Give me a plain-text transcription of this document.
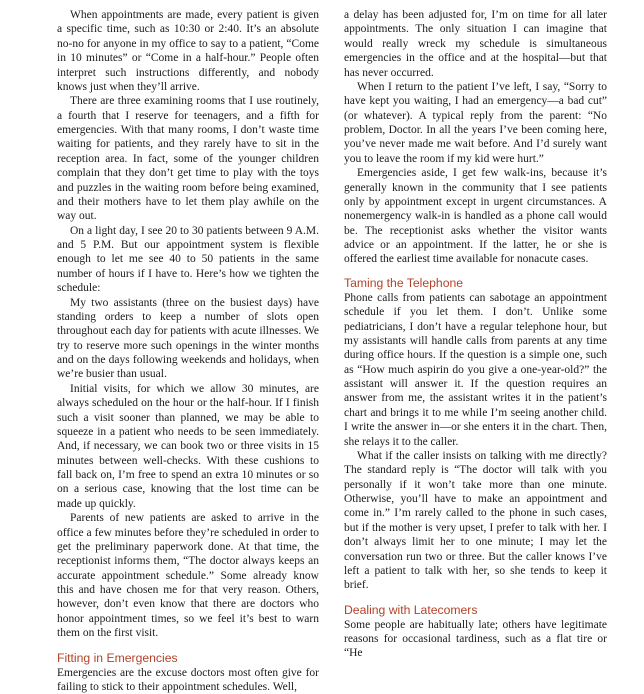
When appointments are made, every patient is given a specific time, such as 10:30 or 2:40. It’s an absolute no-no for anyone in my office to say to a patient, “Come in 10 minutes” or “Come in a half-hour.” People often interpret such instructions differently, and nobody knows just when they’ll arrive.

There are three examining rooms that I use routinely, a fourth that I reserve for teenagers, and a fifth for emergencies. With that many rooms, I don’t waste time waiting for patients, and they rarely have to sit in the reception area. In fact, some of the younger children complain that they don’t get time to play with the toys and puzzles in the waiting room before being examined, and their mothers have to let them play awhile on the way out.

On a light day, I see 20 to 30 patients between 9 A.M. and 5 P.M. But our appointment system is flexible enough to let me see 40 to 50 patients in the same number of hours if I have to. Here’s how we tighten the schedule:

My two assistants (three on the busiest days) have standing orders to keep a number of slots open throughout each day for patients with acute illnesses. We try to reserve more such openings in the winter months and on the days following weekends and holidays, when we’re busier than usual.

Initial visits, for which we allow 30 minutes, are always scheduled on the hour or the half-hour. If I finish such a visit sooner than planned, we may be able to squeeze in a patient who needs to be seen immediately. And, if necessary, we can book two or three visits in 15 minutes between well-checks. With these cushions to fall back on, I’m free to spend an extra 10 minutes or so on a serious case, knowing that the lost time can be made up quickly.

Parents of new patients are asked to arrive in the office a few minutes before they’re scheduled in order to get the preliminary paperwork done. At that time, the receptionist informs them, “The doctor always keeps an accurate appointment schedule.” Some already know this and have chosen me for that very reason. Others, however, don’t even know that there are doctors who honor appointment times, so we feel it’s best to warn them on the first visit.

Fitting in Emergencies

Emergencies are the excuse doctors most often give for failing to stick to their appointment schedules. Well,

a delay has been adjusted for, I’m on time for all later appointments. The only situation I can imagine that would really wreck my schedule is simultaneous emergencies in the office and at the hospital—but that has never occurred.

When I return to the patient I’ve left, I say, “Sorry to have kept you waiting, I had an emergency—a bad cut” (or whatever). A typical reply from the parent: “No problem, Doctor. In all the years I’ve been coming here, you’ve never made me wait before. And I’d surely want you to leave the room if my kid were hurt.”

Emergencies aside, I get few walk-ins, because it’s generally known in the community that I see patients only by appointment except in urgent circumstances. A nonemergency walk-in is handled as a phone call would be. The receptionist asks whether the visitor wants advice or an appointment. If the latter, he or she is offered the earliest time available for nonacute cases.

Taming the Telephone

Phone calls from patients can sabotage an appointment schedule if you let them. I don’t. Unlike some pediatricians, I don’t have a regular telephone hour, but my assistants will handle calls from parents at any time during office hours. If the question is a simple one, such as “How much aspirin do you give a one-year-old?” the assistant will answer it. If the question requires an answer from me, the assistant writes it in the patient’s chart and brings it to me while I’m seeing another child. I write the answer in—or she enters it in the chart. Then, she relays it to the caller.

What if the caller insists on talking with me directly? The standard reply is “The doctor will talk with you personally if it won’t take more than one minute. Otherwise, you’ll have to make an appointment and come in.” I’m rarely called to the phone in such cases, but if the mother is very upset, I prefer to talk with her. I don’t always limit her to one minute; I may let the conversation run two or three. But the caller knows I’ve left a patient to talk with her, so she tends to keep it brief.

Dealing with Latecomers

Some people are habitually late; others have legitimate reasons for occasional tardiness, such as a flat tire or “He
